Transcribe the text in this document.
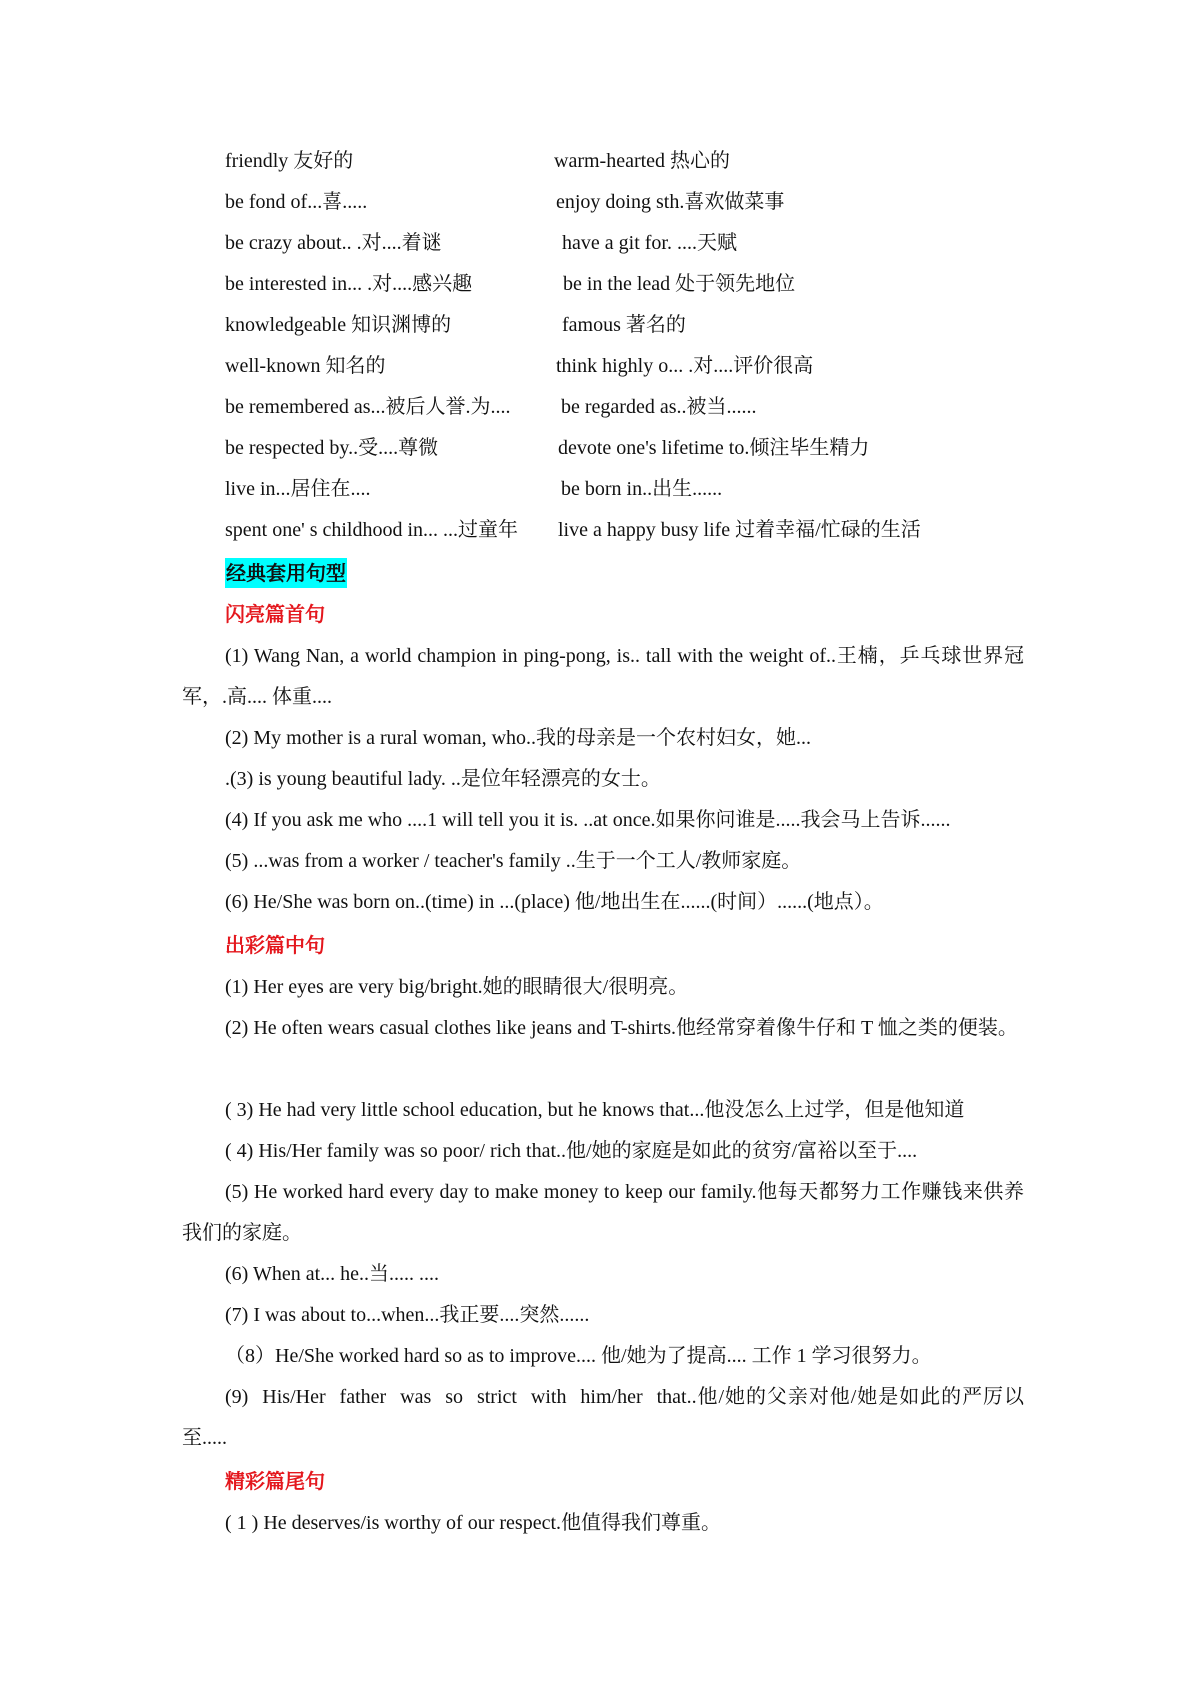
friendly 友好的	warm-hearted 热心的
be fond of...喜.....	enjoy doing sth.喜欢做菜事
be crazy about.. .对....着谜	have a git for. ....天赋
be interested in... .对....感兴趣	be in the lead 处于领先地位
knowledgeable 知识渊博的	famous 著名的
well-known 知名的	think highly o... .对....评价很高
be remembered as...被后人誉.为....	be regarded as..被当......
be respected by..受....尊微	devote one's lifetime to.倾注毕生精力
live in...居住在....	be born in..出生......
spent one' s childhood in... ...过童年 live a happy busy life 过着幸福/忙碌的生活
经典套用句型
闪亮篇首句
(1) Wang Nan, a world champion in ping-pong, is.. tall with the weight of..王楠，乒乓球世界冠军，.高.... 体重....
(2) My mother is a rural woman, who..我的母亲是一个农村妇女，她...
.(3) is young beautiful lady. ..是位年轻漂亮的女士。
(4) If you ask me who ....1 will tell you it is. ..at once.如果你问谁是.....我会马上告诉......
(5) ...was from a worker / teacher's family ..生于一个工人/教师家庭。
(6) He/She was born on..(time) in ...(place) 他/地出生在......(时间）......(地点）。
出彩篇中句
(1) Her eyes are very big/bright.她的眼睛很大/很明亮。
(2) He often wears casual clothes like jeans and T-shirts.他经常穿着像牛仔和 T 恤之类的便装。
( 3) He had very little school education, but he knows that...他没怎么上过学，但是他知道
( 4) His/Her family was so poor/ rich that..他/她的家庭是如此的贫穷/富裕以至于....
(5) He worked hard every day to make money to keep our family.他每天都努力工作赚钱来供养我们的家庭。
(6) When at... he..当..... ....
(7) I was about to...when...我正要....突然......
（8）He/She worked hard so as to improve.... 他/她为了提高.... 工作 1 学习很努力。
(9) His/Her father was so strict with him/her that..他/她的父亲对他/她是如此的严厉以至.....
精彩篇尾句
( 1 ) He deserves/is worthy of our respect.他值得我们尊重。
